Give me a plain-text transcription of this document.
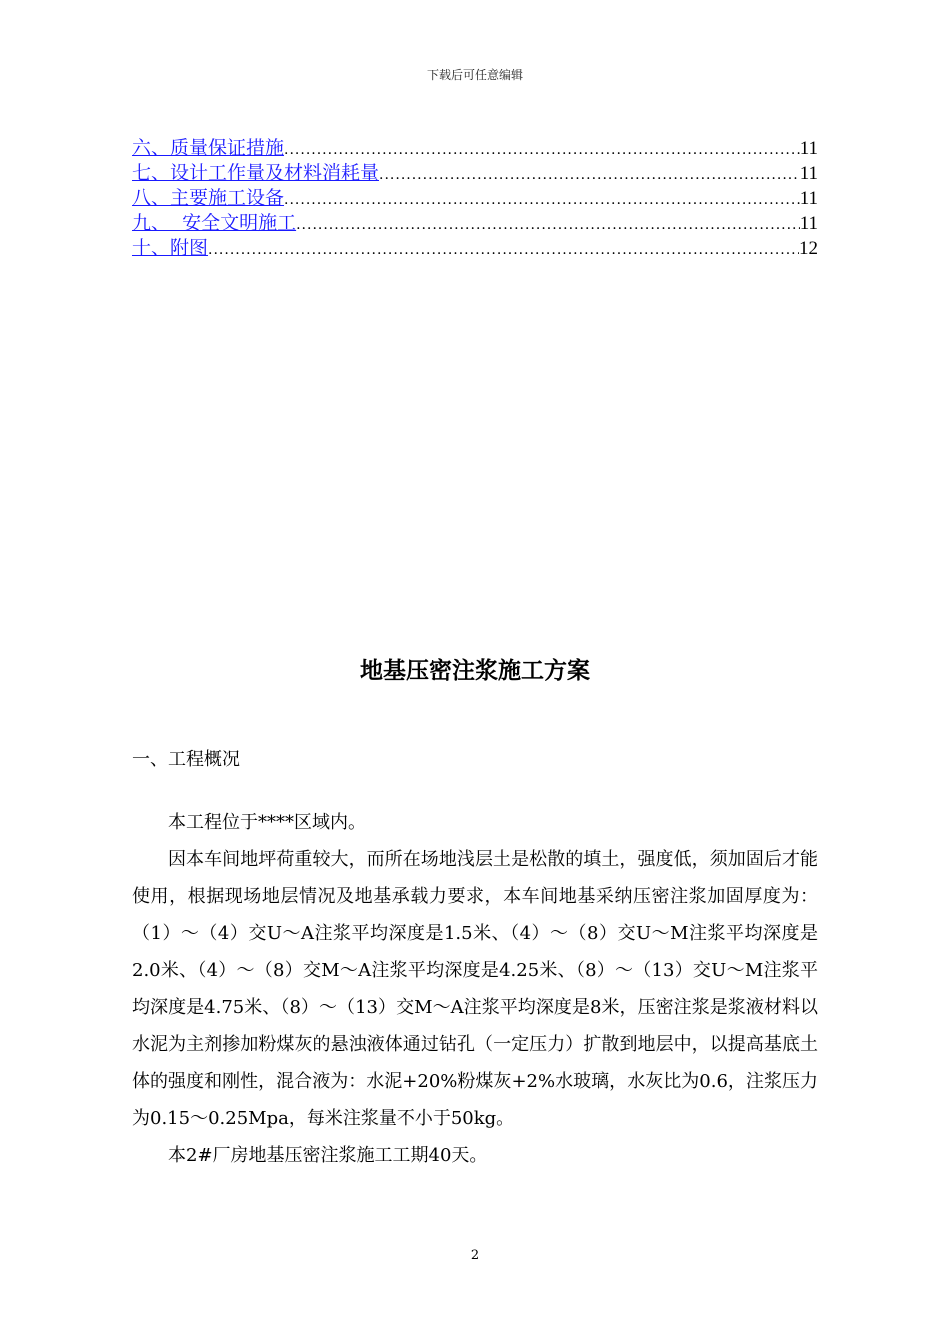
下载后可任意编辑
六、质量保证措施 .....	11
七、设计工作量及材料消耗量 .....	11
八、主要施工设备 .....	11
九、  安全文明施工 .....	11
十、附图 .....	12
地基压密注浆施工方案
一、工程概况

本工程位于****区域内。

因本车间地坪荷重较大，而所在场地浅层土是松散的填土，强度低，须加固后才能使用，根据现场地层情况及地基承载力要求，本车间地基采纳压密注浆加固厚度为：（1）～（4）交U～A注浆平均深度是1.5米、（4）～（8）交U～M注浆平均深度是2.0米、（4）～（8）交M～A注浆平均深度是4.25米、（8）～（13）交U～M注浆平均深度是4.75米、（8）～（13）交M～A注浆平均深度是8米，压密注浆是浆液材料以水泥为主剂掺加粉煤灰的悬浊液体通过钻孔（一定压力）扩散到地层中，以提高基底土体的强度和刚性，混合液为：水泥+20%粉煤灰+2%水玻璃，水灰比为0.6，注浆压力为0.15～0.25Mpa，每米注浆量不小于50kg。

本2#厂房地基压密注浆施工工期40天。

2
